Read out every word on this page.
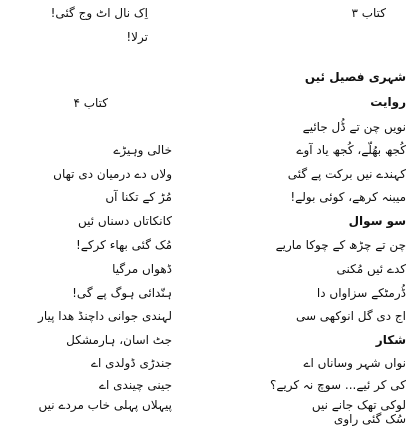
کتاب ۳
شہری فصیل ئیں
روایت
نویں چن تے ڈُل جائیے
کُجھ بھُلّے، کُجھ یاد آوے
کہندے نیں برکت پے گئی
میبنہ کرھے، کوئی بولے!
سو سوال
چن تے چڑھ کے چوکا ماریے
کدے ئیں مُکنی
ڈُرمٹکے سزاواں دا
اج دی گل انوکھی سی
شکار
نواں شہر وساناں اے
کی کر ئیے... سوچ نہ کریے؟
لوکی تھک جانے نیں
سُک گئی راوی
اِک نال اٹ وج گئی!
ترلا!
کتاب ۴
خالی وہیڑے
ولاں دے درمیان دی تھاں
مُڑ کے تکنا آں
کانکاتاں دسناں ئیں
مُک گئی بھاء کرکے!
ڈھواں مرگیا
ہنّدائی ہوگ پے گی!
لہندی جوانی داچنڈ ھدا پیار
جٹ اسان، ہارمشکل
جندڑی ڈولدی اے
جینی چیندی اے
پیہلاں پہلی خاب مردے نیں
